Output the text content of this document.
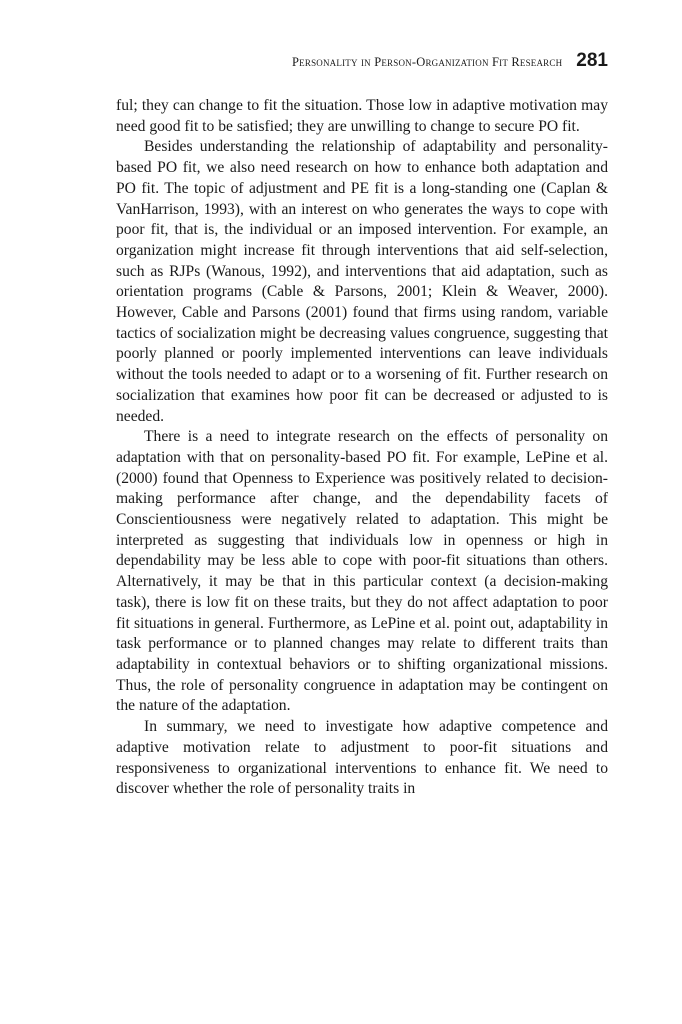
Personality in Person-Organization Fit Research 281

ful; they can change to fit the situation. Those low in adaptive motivation may need good fit to be satisfied; they are unwilling to change to secure PO fit.

Besides understanding the relationship of adaptability and personality-based PO fit, we also need research on how to enhance both adaptation and PO fit. The topic of adjustment and PE fit is a long-standing one (Caplan & VanHarrison, 1993), with an interest on who generates the ways to cope with poor fit, that is, the individual or an imposed intervention. For example, an organization might increase fit through interventions that aid self-selection, such as RJPs (Wanous, 1992), and interventions that aid adaptation, such as orientation programs (Cable & Parsons, 2001; Klein & Weaver, 2000). However, Cable and Parsons (2001) found that firms using random, variable tactics of socialization might be decreasing values congruence, suggesting that poorly planned or poorly implemented interventions can leave individuals without the tools needed to adapt or to a worsening of fit. Further research on socialization that examines how poor fit can be decreased or adjusted to is needed.

There is a need to integrate research on the effects of personality on adaptation with that on personality-based PO fit. For example, LePine et al. (2000) found that Openness to Experience was positively related to decision-making performance after change, and the dependability facets of Conscientiousness were negatively related to adaptation. This might be interpreted as suggesting that individuals low in openness or high in dependability may be less able to cope with poor-fit situations than others. Alternatively, it may be that in this particular context (a decision-making task), there is low fit on these traits, but they do not affect adaptation to poor fit situations in general. Furthermore, as LePine et al. point out, adaptability in task performance or to planned changes may relate to different traits than adaptability in contextual behaviors or to shifting organizational missions. Thus, the role of personality congruence in adaptation may be contingent on the nature of the adaptation.

In summary, we need to investigate how adaptive competence and adaptive motivation relate to adjustment to poor-fit situations and responsiveness to organizational interventions to enhance fit. We need to discover whether the role of personality traits in
